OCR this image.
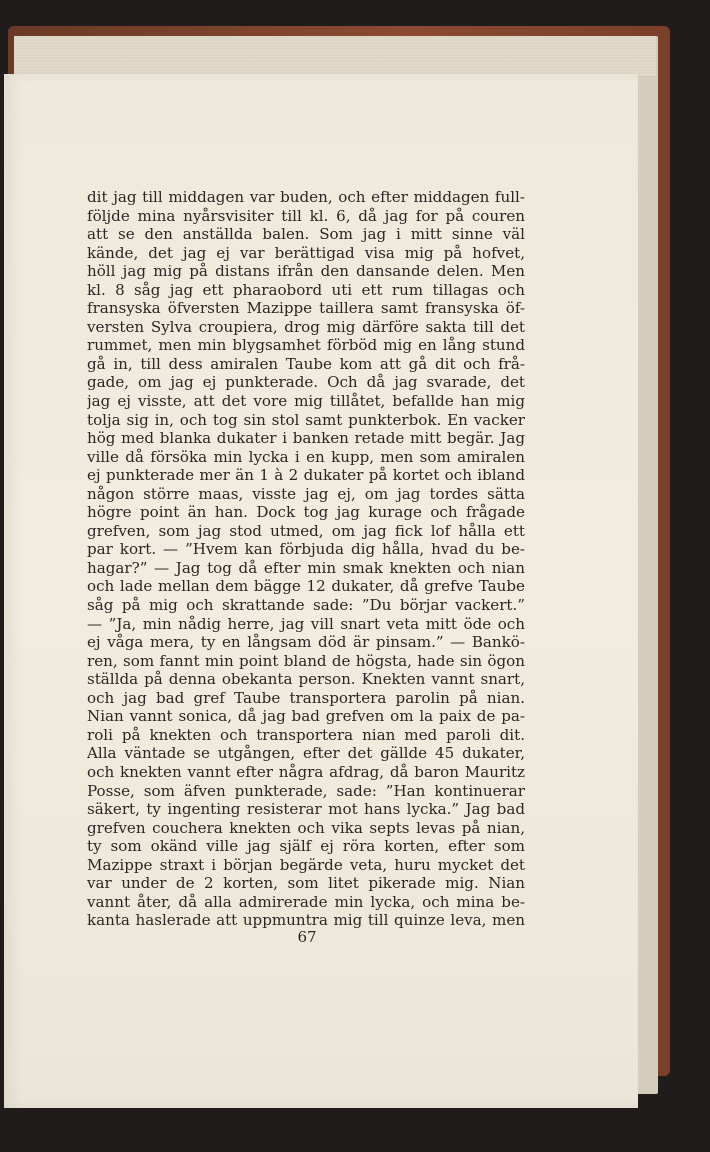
dit jag till middagen var buden, och efter middagen full-
följde mina nyårsvisiter till kl. 6, då jag for på couren
att se den anställda balen. Som jag i mitt sinne väl
kände, det jag ej var berättigad visa mig på hofvet,
höll jag mig på distans ifrån den dansande delen. Men
kl. 8 såg jag ett pharaobord uti ett rum tillagas och
fransyska öfversten Mazippe taillera samt fransyska öf-
versten Sylva croupiera, drog mig därföre sakta till det
rummet, men min blygsamhet förböd mig en lång stund
gå in, till dess amiralen Taube kom att gå dit och frå-
gade, om jag ej punkterade. Och då jag svarade, det
jag ej visste, att det vore mig tillåtet, befallde han mig
tolja sig in, och tog sin stol samt punkterbok. En vacker
hög med blanka dukater i banken retade mitt begär. Jag
ville då försöka min lycka i en kupp, men som amiralen
ej punkterade mer än 1 à 2 dukater på kortet och ibland
någon större maas, visste jag ej, om jag tordes sätta
högre point än han. Dock tog jag kurage och frågade
grefven, som jag stod utmed, om jag fick lof hålla ett
par kort. — ”Hvem kan förbjuda dig hålla, hvad du be-
hagar?” — Jag tog då efter min smak knekten och nian
och lade mellan dem bägge 12 dukater, då grefve Taube
såg på mig och skrattande sade: ”Du börjar vackert.”
— ”Ja, min nådig herre, jag vill snart veta mitt öde och
ej våga mera, ty en långsam död är pinsam.” — Bankö-
ren, som fannt min point bland de högsta, hade sin ögon
ställda på denna obekanta person. Knekten vannt snart,
och jag bad gref Taube transportera parolin på nian.
Nian vannt sonica, då jag bad grefven om la paix de pa-
roli på knekten och transportera nian med paroli dit.
Alla väntade se utgången, efter det gällde 45 dukater,
och knekten vannt efter några afdrag, då baron Mauritz
Posse, som äfven punkterade, sade: ”Han kontinuerar
säkert, ty ingenting resisterar mot hans lycka.” Jag bad
grefven couchera knekten och vika septs levas på nian,
ty som okänd ville jag själf ej röra korten, efter som
Mazippe straxt i början begärde veta, huru mycket det
var under de 2 korten, som litet pikerade mig. Nian
vannt åter, då alla admirerade min lycka, och mina be-
kanta haslerade att uppmuntra mig till quinze leva, men
67
